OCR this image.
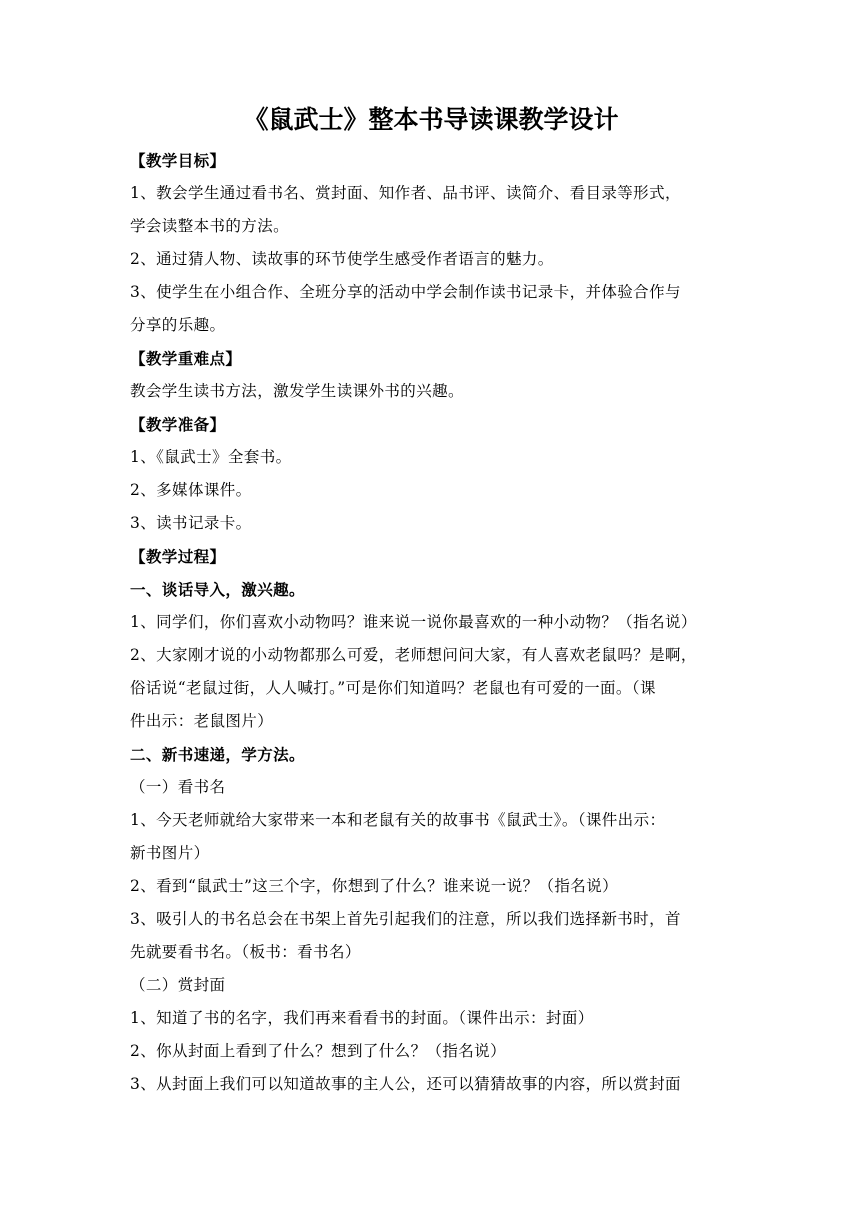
《鼠武士》整本书导读课教学设计
【教学目标】
1、教会学生通过看书名、赏封面、知作者、品书评、读简介、看目录等形式，
学会读整本书的方法。
2、通过猜人物、读故事的环节使学生感受作者语言的魅力。
3、使学生在小组合作、全班分享的活动中学会制作读书记录卡，并体验合作与
分享的乐趣。
【教学重难点】
教会学生读书方法，激发学生读课外书的兴趣。
【教学准备】
1、《鼠武士》全套书。
2、多媒体课件。
3、读书记录卡。
【教学过程】
一、谈话导入，激兴趣。
1、同学们，你们喜欢小动物吗？谁来说一说你最喜欢的一种小动物？（指名说）
2、大家刚才说的小动物都那么可爱，老师想问问大家，有人喜欢老鼠吗？是啊，
俗话说“老鼠过街，人人喊打。”可是你们知道吗？老鼠也有可爱的一面。（课
件出示：老鼠图片）
二、新书速递，学方法。
（一）看书名
1、今天老师就给大家带来一本和老鼠有关的故事书《鼠武士》。（课件出示：
新书图片）
2、看到“鼠武士”这三个字，你想到了什么？谁来说一说？（指名说）
3、吸引人的书名总会在书架上首先引起我们的注意，所以我们选择新书时，首
先就要看书名。（板书：看书名）
（二）赏封面
1、知道了书的名字，我们再来看看书的封面。（课件出示：封面）
2、你从封面上看到了什么？想到了什么？（指名说）
3、从封面上我们可以知道故事的主人公，还可以猜猜故事的内容，所以赏封面
